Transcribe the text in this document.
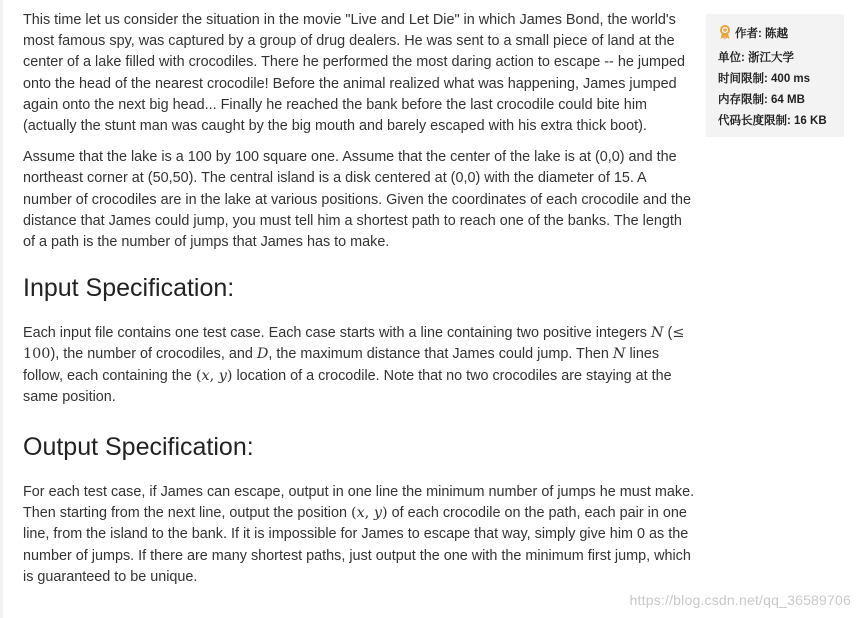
This time let us consider the situation in the movie "Live and Let Die" in which James Bond, the world's most famous spy, was captured by a group of drug dealers. He was sent to a small piece of land at the center of a lake filled with crocodiles. There he performed the most daring action to escape -- he jumped onto the head of the nearest crocodile! Before the animal realized what was happening, James jumped again onto the next big head... Finally he reached the bank before the last crocodile could bite him (actually the stunt man was caught by the big mouth and barely escaped with his extra thick boot).

Assume that the lake is a 100 by 100 square one. Assume that the center of the lake is at (0,0) and the northeast corner at (50,50). The central island is a disk centered at (0,0) with the diameter of 15. A number of crocodiles are in the lake at various positions. Given the coordinates of each crocodile and the distance that James could jump, you must tell him a shortest path to reach one of the banks. The length of a path is the number of jumps that James has to make.

Input Specification:

Each input file contains one test case. Each case starts with a line containing two positive integers N (≤ 100), the number of crocodiles, and D, the maximum distance that James could jump. Then N lines follow, each containing the (x, y) location of a crocodile. Note that no two crocodiles are staying at the same position.

Output Specification:

For each test case, if James can escape, output in one line the minimum number of jumps he must make. Then starting from the next line, output the position (x, y) of each crocodile on the path, each pair in one line, from the island to the bank. If it is impossible for James to escape that way, simply give him 0 as the number of jumps. If there are many shortest paths, just output the one with the minimum first jump, which is guaranteed to be unique.

作者: 陈越
单位: 浙江大学
时间限制: 400 ms
内存限制: 64 MB
代码长度限制: 16 KB
https://blog.csdn.net/qq_36589706
